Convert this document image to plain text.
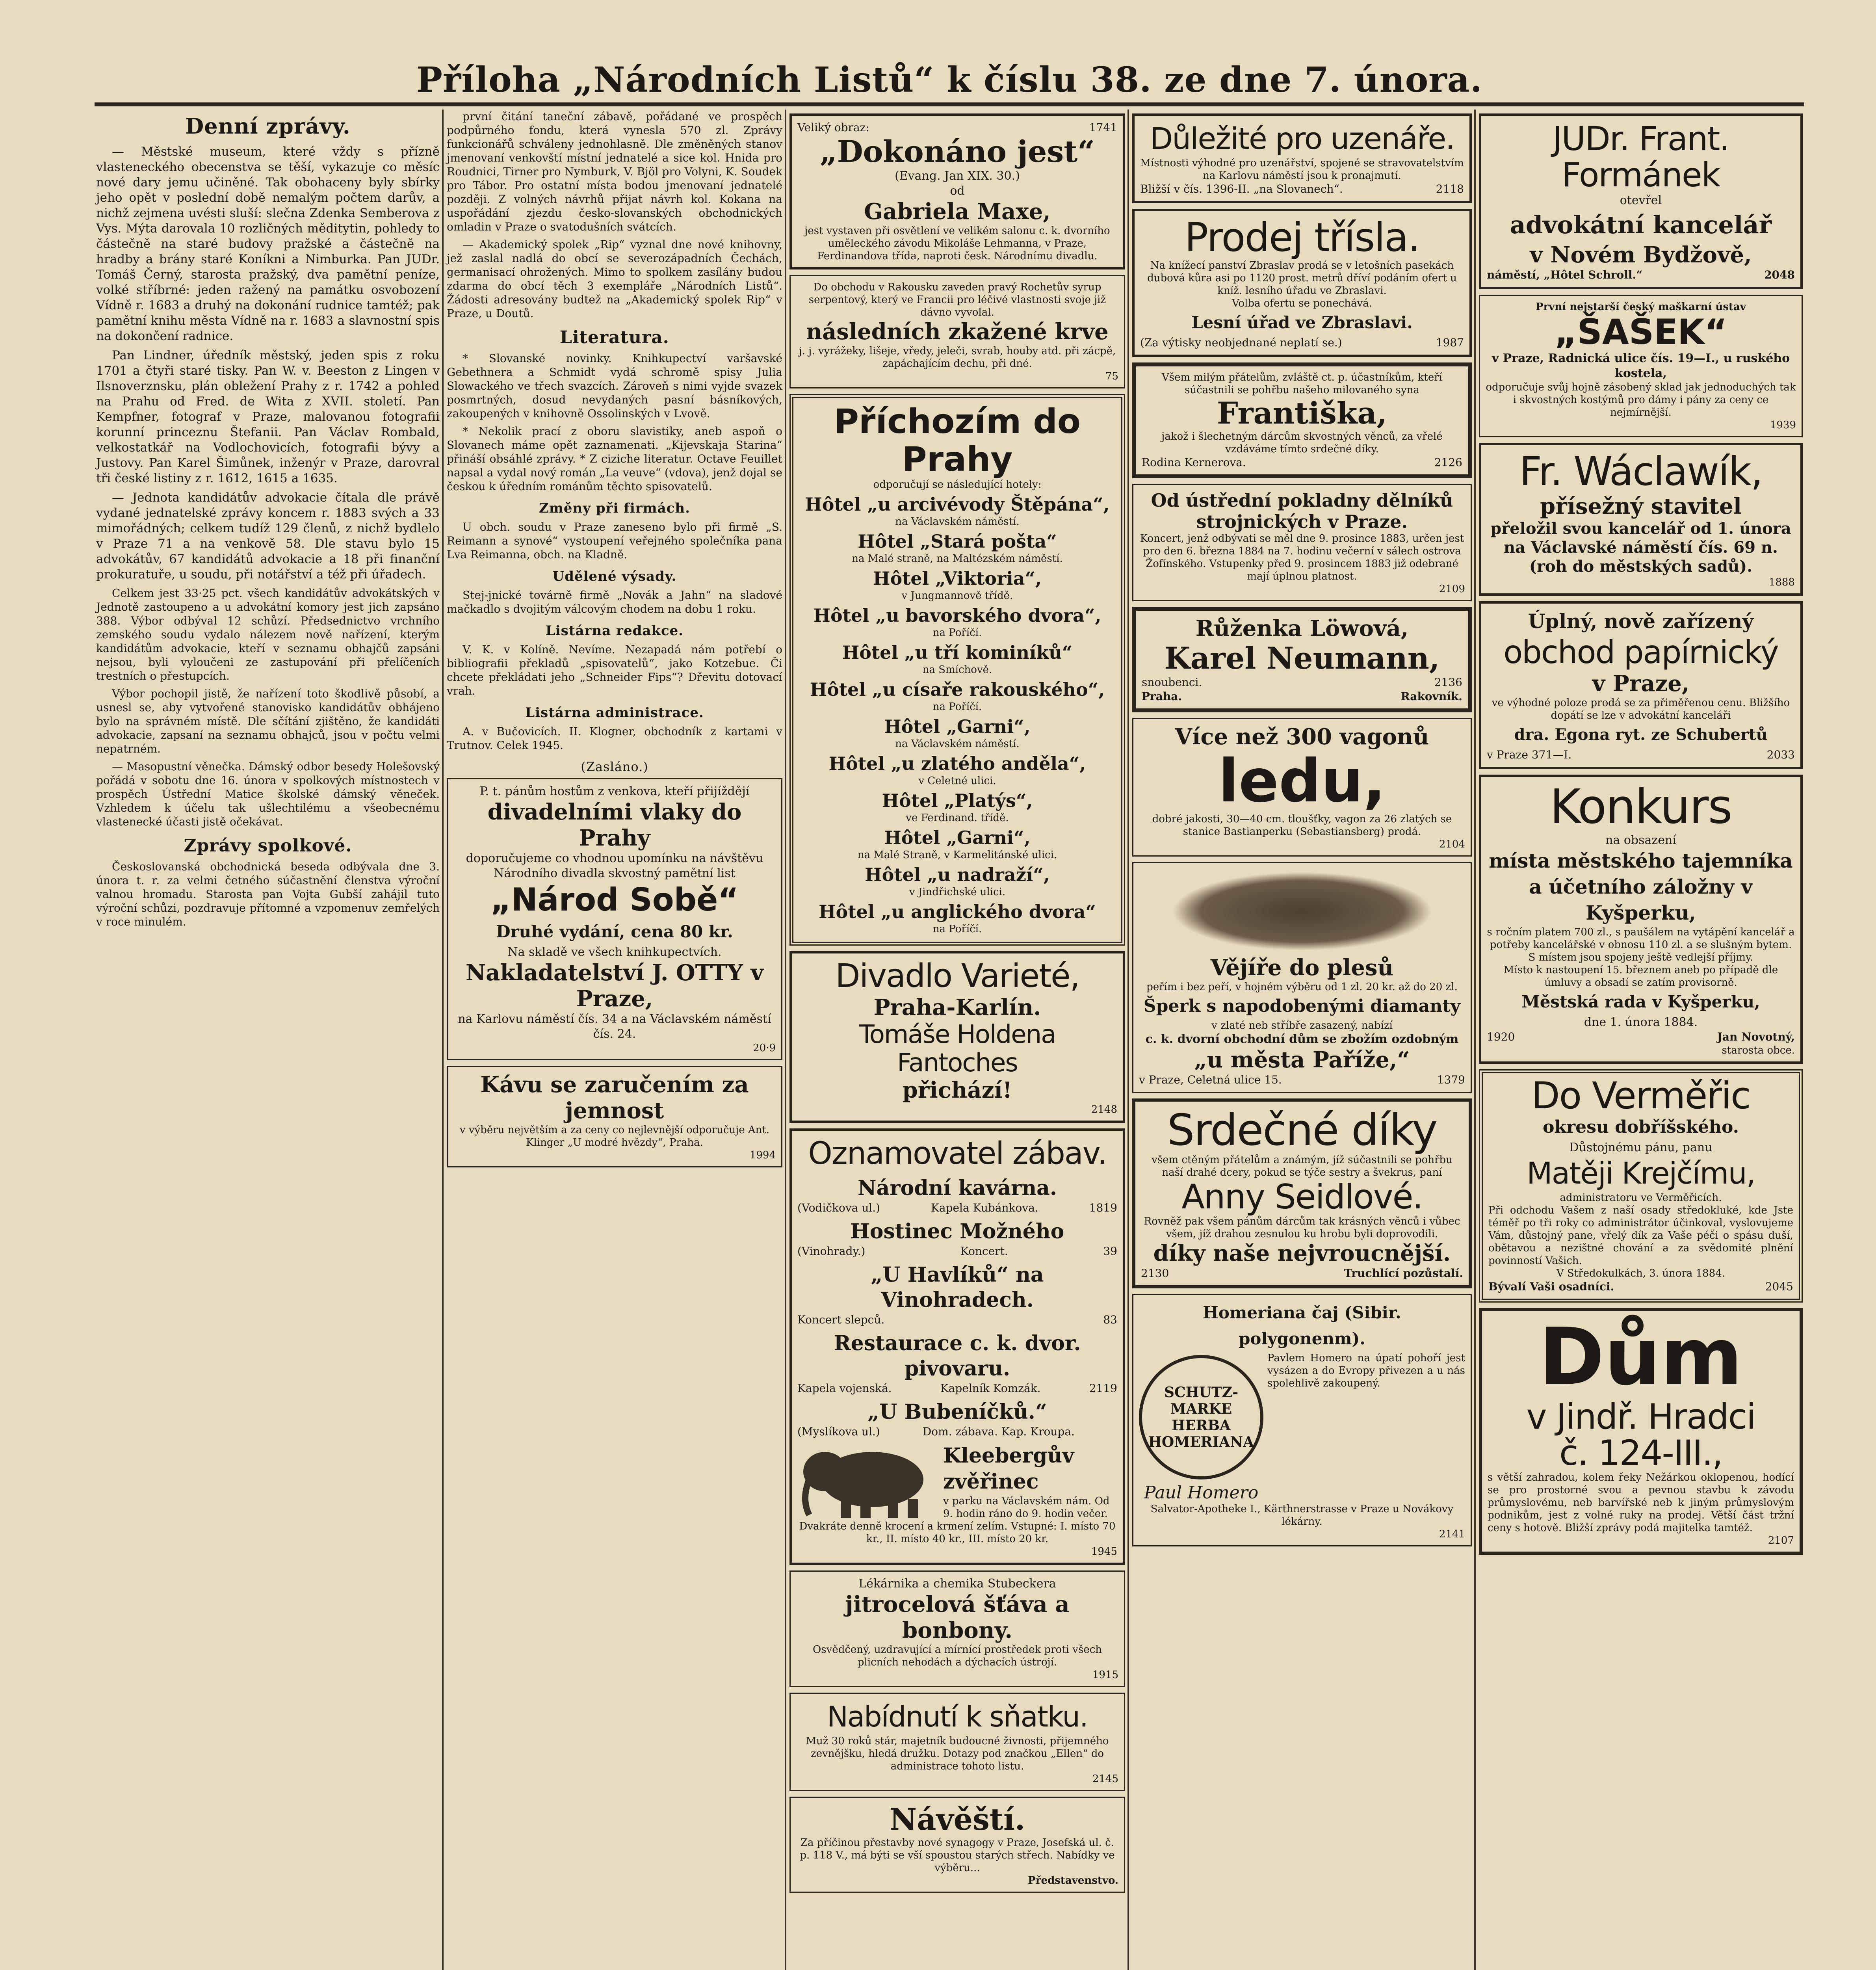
Příloha „Národních Listů“ k číslu 38. ze dne 7. února.
Denní zprávy.

— Městské museum, které vždy s přízně vlasteneckého obecenstva se těší, vykazuje co měsíc nové dary jemu učiněné. Tak obohaceny byly sbírky jeho opět v poslední době nemalým počtem darův, a nichž zejmena uvésti sluší: slečna Zdenka Semberova z Vys. Mýta darovala 10 rozličných měditytin, pohledy to částečně na staré budovy pražské a částečně na hradby a brány staré Koníkni a Nimburka. Pan JUDr. Tomáš Černý, starosta pražský, dva pamětní peníze, volké stříbrné: jeden ražený na památku osvobození Vídně r. 1683 a druhý na dokonání rudnice tamtéž; pak pamětní knihu města Vídně na r. 1683 a slavnostní spis na dokončení radnice.

Pan Lindner, úředník městský, jeden spis z roku 1701 a čtyři staré tisky. Pan W. v. Beeston z Lingen v Ilsnoverznsku, plán obležení Prahy z r. 1742 a pohled na Prahu od Fred. de Wita z XVII. století. Pan Kempfner, fotograf v Praze, malovanou fotografii korunní princeznu Štefanii. Pan Václav Rombald, velkostatkář na Vodlochovicích, fotografii bývy a Justovy. Pan Karel Šimůnek, inženýr v Praze, darovral tři české listiny z r. 1612, 1615 a 1635.

— Jednota kandidátův advokacie čítala dle právě vydané jednatelské zprávy koncem r. 1883 svých a 33 mimořádných; celkem tudíž 129 členů, z nichž bydlelo v Praze 71 a na venkově 58. Dle stavu bylo 15 advokátův, 67 kandidátů advokacie a 18 při finanční prokuratuře, u soudu, při notářství a též při úřadech.

Celkem jest 33·25 pct. všech kandidátův advokátských v Jednotě zastoupeno a u advokátní komory jest jich zapsáno 388. Výbor odbýval 12 schůzí. Předsednictvo vrchního zemského soudu vydalo nálezem nově nařízení, kterým kandidátům advokacie, kteří v seznamu obhajčů zapsáni nejsou, byli vyloučeni ze zastupování při přelíčeních trestních o přestupcích.

Výbor pochopil jistě, že nařízení toto škodlivě působí, a usnesl se, aby vytvořené stanovisko kandidátův obhájeno bylo na správném místě. Dle sčítání zjištěno, že kandidáti advokacie, zapsaní na seznamu obhajců, jsou v počtu velmi nepatrném.

— Masopustní věnečka. Dámský odbor besedy Holešovský pořádá v sobotu dne 16. února v spolkových místnostech v prospěch Ústřední Matice školské dámský věneček. Vzhledem k účelu tak ušlechtilému a všeobecnému vlastenecké účasti jistě očekávat.

Zprávy spolkové.

Českoslovanská obchodnická beseda odbývala dne 3. února t. r. za velmi četného súčastnění členstva výroční valnou hromadu. Starosta pan Vojta Gubší zahájil tuto výroční schůzi, pozdravuje přítomné a vzpomenuv zemřelých v roce minulém.

první čitání taneční zábavě, pořádané ve prospěch podpůrného fondu, která vynesla 570 zl. Zprávy funkcionářů schváleny jednohlasně. Dle změněných stanov jmenovaní venkovští místní jednatelé a sice kol. Hnida pro Roudnici, Tirner pro Nymburk, V. Bjöl pro Volyni, K. Soudek pro Tábor. Pro ostatní místa bodou jmenovaní jednatelé později. Z volných návrhů přijat návrh kol. Kokana na uspořádání zjezdu česko-slovanských obchodnických omladin v Praze o svatodušních svátcích.

— Akademický spolek „Rip“ vyznal dne nové knihovny, jež zaslal nadlá do obcí se severozápadních Čechách, germanisací ohrožených. Mimo to spolkem zasílány budou zdarma do obcí těch 3 exempláře „Národních Listů“. Žádosti adresovány budtež na „Akademický spolek Rip“ v Praze, u Doutů.

Literatura.

* Slovanské novinky. Knihkupectví varšavské Gebethnera a Schmidt vydá schromě spisy Julia Slowackého ve třech svazcích. Zároveň s nimi vyjde svazek posmrtných, dosud nevydaných pasní básníkových, zakoupených v knihovně Ossolinských v Lvově.

* Nekolik prací z oboru slavistiky, aneb aspoň o Slovanech máme opět zaznamenati. „Kijevskaja Starina“ přináší obsáhlé zprávy. * Z ciziche literatur. Octave Feuillet napsal a vydal nový román „La veuve“ (vdova), jenž dojal se českou k úředním románům těchto spisovatelů.

Změny při firmách.

U obch. soudu v Praze zaneseno bylo při firmě „S. Reimann a synové“ vystoupení veřejného společníka pana Lva Reimanna, obch. na Kladně.

Udělené výsady.

Stej-jnické továrně firmě „Novák a Jahn“ na sladové mačkadlo s dvojitým válcovým chodem na dobu 1 roku.

Listárna redakce.

V. K. v Kolíně. Nevíme. Nezapadá nám potřebí o bibliografii překladů „spisovatelů“, jako Kotzebue. Či chcete překládati jeho „Schneider Fips“? Dřevitu dotovací vrah.

Listárna administrace.

A. v Bučovicích. II. Klogner, obchodník z kartami v Trutnov. Celek 1945.

(Zasláno.)
P. t. pánům hostům z venkova, kteří přijíždějí
divadelními vlaky do Prahy
doporučujeme co vhodnou upomínku na návštěvu Národního divadla skvostný pamětní list
„Národ Sobě“
Druhé vydání, cena 80 kr.
Na skladě ve všech knihkupectvích.
Nakladatelství J. OTTY v Praze,
na Karlovu náměstí čís. 34 a na Václavském náměstí čís. 24.
20·9
Kávu se zaručením za jemnost
v výběru největším a za ceny co nejlevnější odporučuje Ant. Klinger „U modré hvězdy“, Praha.
1994
Veliký obraz:	1741
„Dokonáno jest“
(Evang. Jan XIX. 30.)
od
Gabriela Maxe,
jest vystaven při osvětlení ve velikém salonu c. k. dvorního uměleckého závodu Mikoláše Lehmanna, v Praze, Ferdinandova třída, naproti česk. Národnímu divadlu.
Do obchodu v Rakousku zaveden pravý Rochetův syrup serpentový, který ve Francii pro léčivé vlastnosti svoje již dávno vyvolal.
následních zkažené krve
j. j. vyrážeky, lišeje, vředy, jeleči, svrab, houby atd. při zácpě, zapáchajícím dechu, při dné.
75
Příchozím do Prahy
odporučují se následující hotely:
Hôtel „u arcivévody Štěpána“,
na Václavském náměstí.
Hôtel „Stará pošta“
na Malé straně, na Maltézském náměstí.
Hôtel „Viktoria“,
v Jungmannově třídě.
Hôtel „u bavorského dvora“,
na Poříčí.
Hôtel „u tří kominíků“
na Smíchově.
Hôtel „u císaře rakouského“,
na Poříčí.
Hôtel „Garni“,
na Václavském náměstí.
Hôtel „u zlatého anděla“,
v Celetné ulici.
Hôtel „Platýs“,
ve Ferdinand. třídě.
Hôtel „Garni“,
na Malé Straně, v Karmelitánské ulici.
Hôtel „u nadraží“,
v Jindřichské ulici.
Hôtel „u anglického dvora“
na Poříčí.
Divadlo Varieté,
Praha-Karlín.
Tomáše Holdena Fantoches
přichází!
2148
Oznamovatel zábav.
Národní kavárna.
(Vodičkova ul.)	Kapela Kubánkova.	1819
Hostinec Možného
(Vinohrady.)	Koncert.	39
„U Havlíků“ na Vinohradech.
Koncert slepců.	83
Restaurace c. k. dvor. pivovaru.
Kapela vojenská.	Kapelník Komzák.	2119
„U Bubeníčků.“
(Myslíkova ul.)	Dom. zábava. Kap. Kroupa.
Kleebergův zvěřinec
v parku na Václavském nám. Od 9. hodin ráno do 9. hodin večer.
Dvakráte denně krocení a krmení zelím. Vstupné: I. místo 70 kr., II. místo 40 kr., III. místo 20 kr.
1945
Lékárnika a chemika Stubeckera
jitrocelová šťáva a bonbony.
Osvědčený, uzdravující a mírnící prostředek proti všech plicních nehodách a dýchacích ústrojí.
1915
Nabídnutí k sňatku.
Muž 30 roků stár, majetník budoucné živnosti, přijemného zevnějšku, hledá družku. Dotazy pod značkou „Ellen“ do administrace tohoto listu.
2145
Návěští.
Za příčinou přestavby nové synagogy v Praze, Josefská ul. č. p. 118 V., má býti se vší spoustou starých střech. Nabídky ve výběru...
Představenstvo.
Důležité pro uzenáře.
Místnosti výhodné pro uzenářství, spojené se stravovatelstvím na Karlovu náměstí jsou k pronajmutí.
Bližší v čís. 1396-II. „na Slovanech“.	2118
Prodej třísla.
Na knížecí panství Zbraslav prodá se v letošních pasekách dubová kůra asi po 1120 prost. metrů dříví podáním ofert u kníž. lesního úřadu ve Zbraslavi.
Volba ofertu se ponechává.
Lesní úřad ve Zbraslavi.
(Za výtisky neobjednané neplatí se.)	1987
Všem milým přátelům, zvláště ct. p. účastníkům, kteří súčastnili se pohřbu našeho milovaného syna
Františka,
jakož i šlechetným dárcům skvostných věnců, za vřelé vzdáváme tímto srdečné díky.
Rodina Kernerova.	2126
Od ústřední pokladny dělníků strojnických v Praze.
Koncert, jenž odbývati se měl dne 9. prosince 1883, určen jest pro den 6. března 1884 na 7. hodinu večerní v sálech ostrova Žofínského. Vstupenky před 9. prosincem 1883 již odebrané mají úplnou platnost.
2109
Růženka Löwová,
Karel Neumann,
snoubenci.	2136
Praha.	Rakovník.
Více než 300 vagonů
ledu,
dobré jakosti, 30—40 cm. tloušťky, vagon za 26 zlatých se stanice Bastianperku (Sebastiansberg) prodá.
2104
Vějíře do plesů
peřím i bez peří, v hojném výběru od 1 zl. 20 kr. až do 20 zl.
Šperk s napodobenými diamanty
v zlaté neb stříbře zasazený, nabízí
c. k. dvorní obchodní dům se zbožím ozdobným
„u města Paříže,“
v Praze, Celetná ulice 15.	1379
Srdečné díky
všem ctěným přátelům a známým, jíž súčastnili se pohřbu naší drahé dcery, pokud se týče sestry a švekrus, paní
Anny Seidlové.
Rovněž pak všem pánům dárcům tak krásných věnců i vůbec všem, jíž drahou zesnulou ku hrobu byli doprovodili.
díky naše nejvroucnější.
2130	Truchlící pozůstalí.
Homeriana čaj (Sibir. polygonenm).
SCHUTZ-MARKE HERBA HOMERIANA
Paul Homero
Pavlem Homero na úpatí pohoří jest vysázen a do Evropy přivezen a u nás spolehlivě zakoupený.
Salvator-Apotheke I., Kärthnerstrasse v Praze u Novákovy lékárny.
2141
JUDr. Frant. Formánek
otevřel
advokátní kancelář
v Novém Bydžově,
náměstí, „Hôtel Schroll.“	2048
První nejstarší český maškarní ústav
„ŠAŠEK“
v Praze, Radnická ulice čís. 19—I., u ruského kostela,
odporučuje svůj hojně zásobený sklad jak jednoduchých tak i skvostných kostýmů pro dámy i pány za ceny ce nejmírnější.
1939
Fr. Wáclawík,
přísežný stavitel
přeložil svou kancelář od 1. února na Václavské náměstí čís. 69 n. (roh do městských sadů).
1888
Úplný, nově zařízený
obchod papírnický
v Praze,
ve výhodné poloze prodá se za přiměřenou cenu. Bližšího dopátí se lze v advokátní kanceláři
dra. Egona ryt. ze Schubertů
v Praze 371—I.	2033
Konkurs
na obsazení
místa městského tajemníka a účetního záložny v Kyšperku,
s ročním platem 700 zl., s paušálem na vytápění kancelář a potřeby kancelářské v obnosu 110 zl. a se slušným bytem. S místem jsou spojeny ještě vedlejší příjmy.
Místo k nastoupení 15. březnem aneb po případě dle úmluvy a obsadí se zatím provisorně.
Městská rada v Kyšperku,
dne 1. února 1884.
1920	Jan Novotný,
starosta obce.
Do Verměřic
okresu dobříšského.
Důstojnému pánu, panu
Matěji Krejčímu,
administratoru ve Verměřicích.
Při odchodu Vašem z naší osady středokluké, kde Jste téměř po tři roky co administrátor účinkoval, vyslovujeme Vám, důstojný pane, vřelý dík za Vaše péči o spásu duší, obětavou a nezištné chování a za svědomité plnění povinností Vašich.
V Středokulkách, 3. února 1884.
Bývalí Vaši osadníci.	2045
Dům
v Jindř. Hradci
č. 124-III.,
s větší zahradou, kolem řeky Nežárkou oklopenou, hodící se pro prostorné svou a pevnou stavbu k závodu průmyslovému, neb barvířské neb k jiným průmyslovým podnikům, jest z volné ruky na prodej. Větší část tržní ceny s hotově. Bližší zprávy podá majitelka tamtéž.
2107
